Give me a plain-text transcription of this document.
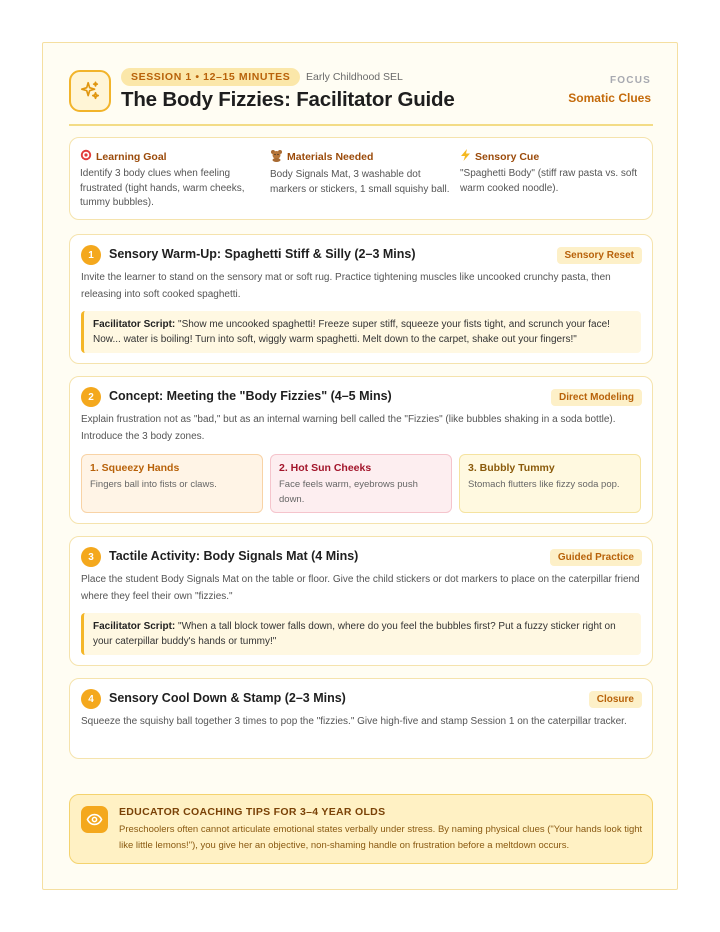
SESSION 1 • 12–15 MINUTES	Early Childhood SEL
The Body Fizzies: Facilitator Guide
FOCUS
Somatic Clues
Learning Goal
Identify 3 body clues when feeling frustrated (tight hands, warm cheeks, tummy bubbles).
Materials Needed
Body Signals Mat, 3 washable dot markers or stickers, 1 small squishy ball.
Sensory Cue
"Spaghetti Body" (stiff raw pasta vs. soft warm cooked noodle).
1	Sensory Warm-Up: Spaghetti Stiff & Silly (2–3 Mins)	Sensory Reset
Invite the learner to stand on the sensory mat or soft rug. Practice tightening muscles like uncooked crunchy pasta, then releasing into soft cooked spaghetti.
Facilitator Script: "Show me uncooked spaghetti! Freeze super stiff, squeeze your fists tight, and scrunch your face! Now... water is boiling! Turn into soft, wiggly warm spaghetti. Melt down to the carpet, shake out your fingers!"
2	Concept: Meeting the "Body Fizzies" (4–5 Mins)	Direct Modeling
Explain frustration not as "bad," but as an internal warning bell called the "Fizzies" (like bubbles shaking in a soda bottle). Introduce the 3 body zones.
1. Squeezy Hands
Fingers ball into fists or claws.
2. Hot Sun Cheeks
Face feels warm, eyebrows push down.
3. Bubbly Tummy
Stomach flutters like fizzy soda pop.
3	Tactile Activity: Body Signals Mat (4 Mins)	Guided Practice
Place the student Body Signals Mat on the table or floor. Give the child stickers or dot markers to place on the caterpillar friend where they feel their own "fizzies."
Facilitator Script: "When a tall block tower falls down, where do you feel the bubbles first? Put a fuzzy sticker right on your caterpillar buddy's hands or tummy!"
4	Sensory Cool Down & Stamp (2–3 Mins)	Closure
Squeeze the squishy ball together 3 times to pop the "fizzies." Give high-five and stamp Session 1 on the caterpillar tracker.
EDUCATOR COACHING TIPS FOR 3–4 YEAR OLDS
Preschoolers often cannot articulate emotional states verbally under stress. By naming physical clues ("Your hands look tight like little lemons!"), you give her an objective, non-shaming handle on frustration before a meltdown occurs.
